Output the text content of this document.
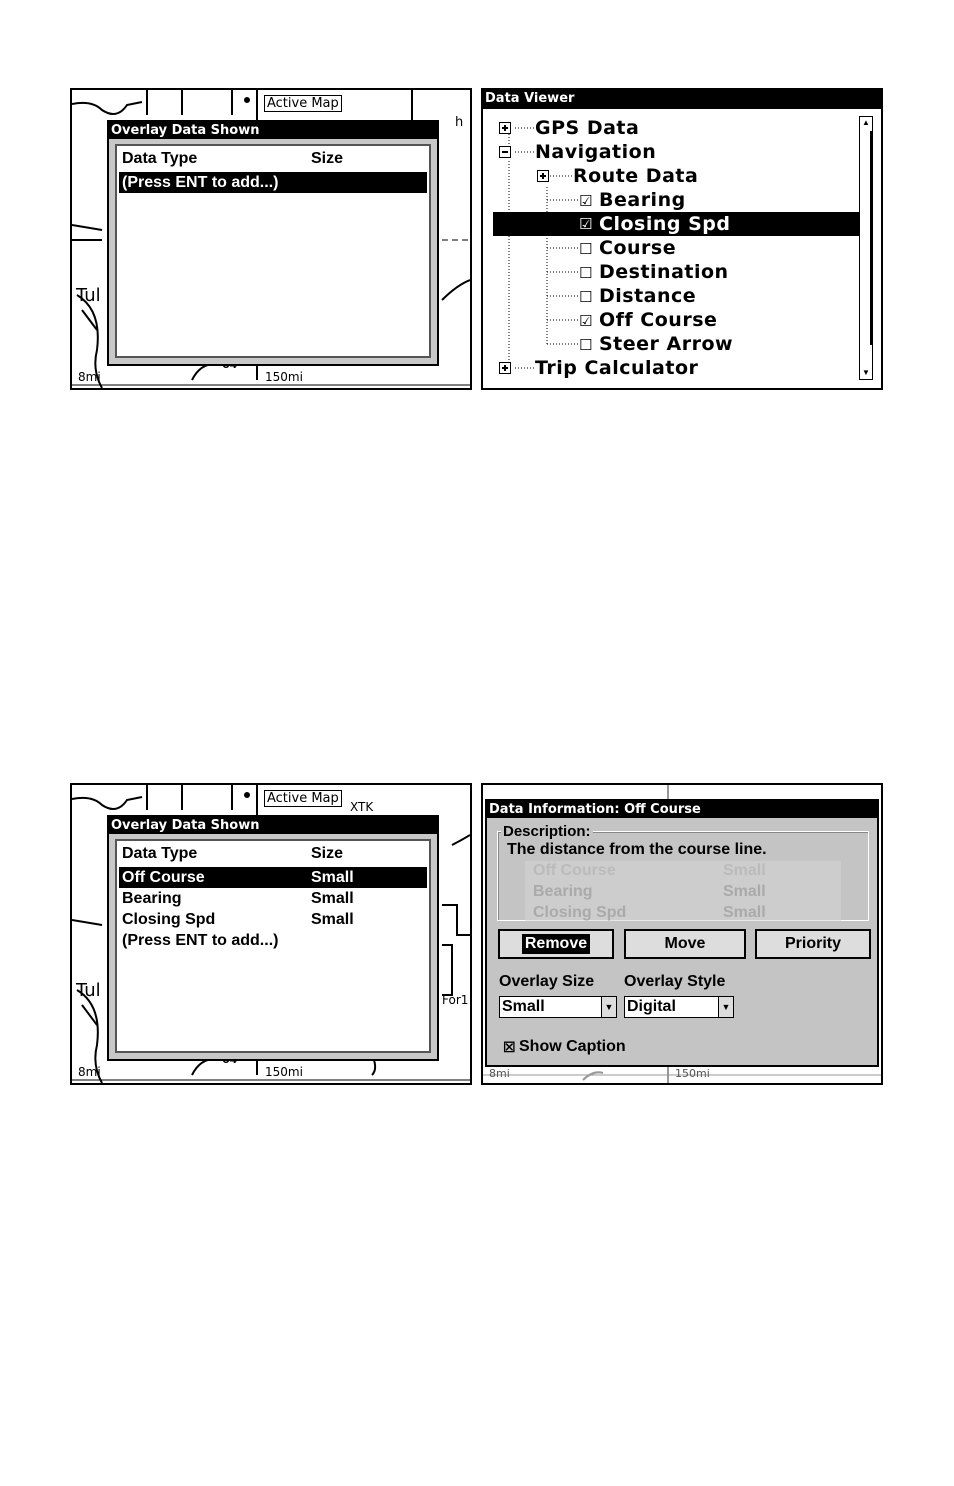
Active Map
h
Tul
8mi	150mi
Overlay Data Shown
Data Type	Size
(Press ENT to add...)
Data Viewer
GPS Data
Navigation
Route Data
☑ Bearing
☑ Closing Spd
☐ Course
☐ Destination
☐ Distance
☑ Off Course
☐ Steer Arrow
Trip Calculator
▲
▼
Active Map
XTK
Tul	For1
8mi	150mi
Overlay Data Shown
Data Type	Size
Off Course	Small
Bearing	Small
Closing Spd	Small
(Press ENT to add...)
8mi	150mi
Data Information: Off Course
Description:
The distance from the course line.
Off Course	Small
Bearing	Small
Closing Spd	Small
Remove	Move	Priority
Overlay Size Overlay Style
Small	▼ Digital	▼
☒ Show Caption
